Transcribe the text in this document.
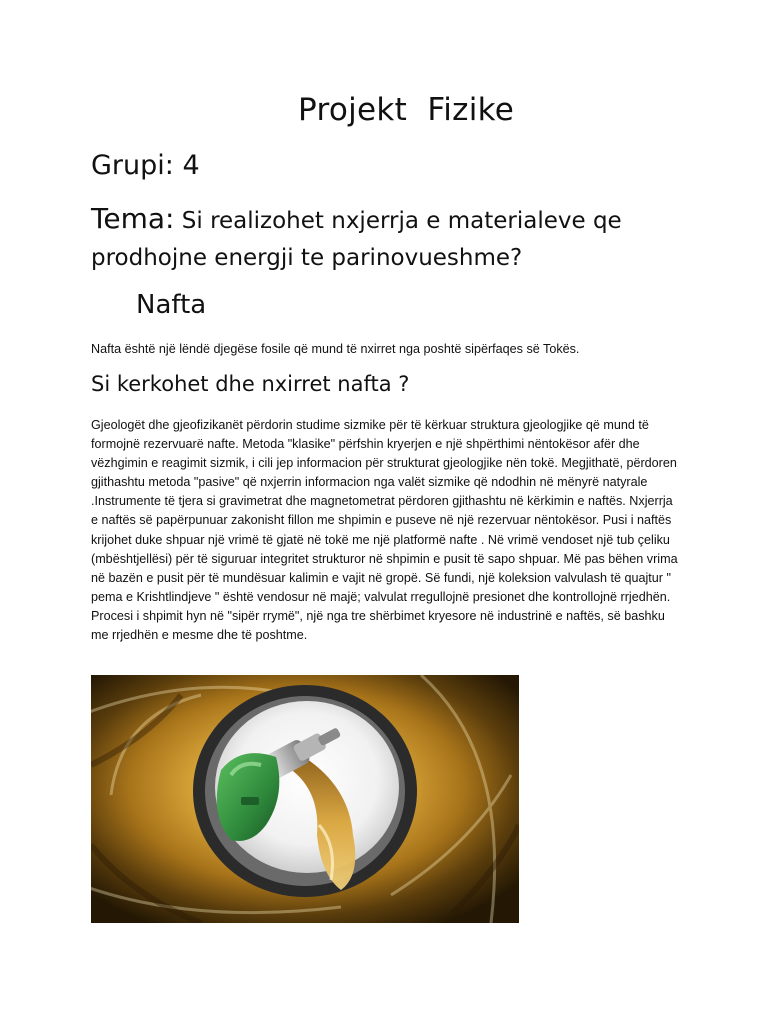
Projekt  Fizike

Grupi: 4

Tema: Si realizohet nxjerrja e materialeve qe prodhojne energji te parinovueshme?

Nafta

Nafta është një lëndë djegëse fosile që mund të nxirret nga poshtë sipërfaqes së Tokës.

Si kerkohet dhe nxirret nafta ?

Gjeologët dhe gjeofizikanët përdorin studime sizmike për të kërkuar struktura gjeologjike që mund të formojnë rezervuarë nafte. Metoda "klasike" përfshin kryerjen e një shpërthimi nëntokësor afër dhe vëzhgimin e reagimit sizmik, i cili jep informacion për strukturat gjeologjike nën tokë. Megjithatë, përdoren gjithashtu metoda "pasive" që nxjerrin informacion nga valët sizmike që ndodhin në mënyrë natyrale .Instrumente të tjera si gravimetrat dhe magnetometrat përdoren gjithashtu në kërkimin e naftës. Nxjerrja e naftës së papërpunuar zakonisht fillon me shpimin e puseve në një rezervuar nëntokësor. Pusi i naftës krijohet duke shpuar një vrimë të gjatë në tokë me një platformë nafte . Në vrimë vendoset një tub çeliku (mbështjellësi) për të siguruar integritet strukturor në shpimin e pusit të sapo shpuar. Më pas bëhen vrima në bazën e pusit për të mundësuar kalimin e vajit në gropë. Së fundi, një koleksion valvulash të quajtur " pema e Krishtlindjeve " është vendosur në majë; valvulat rregullojnë presionet dhe kontrollojnë rrjedhën. Procesi i shpimit hyn në "sipër rrymë", një nga tre shërbimet kryesore në industrinë e naftës, së bashku me rrjedhën e mesme dhe të poshtme.
